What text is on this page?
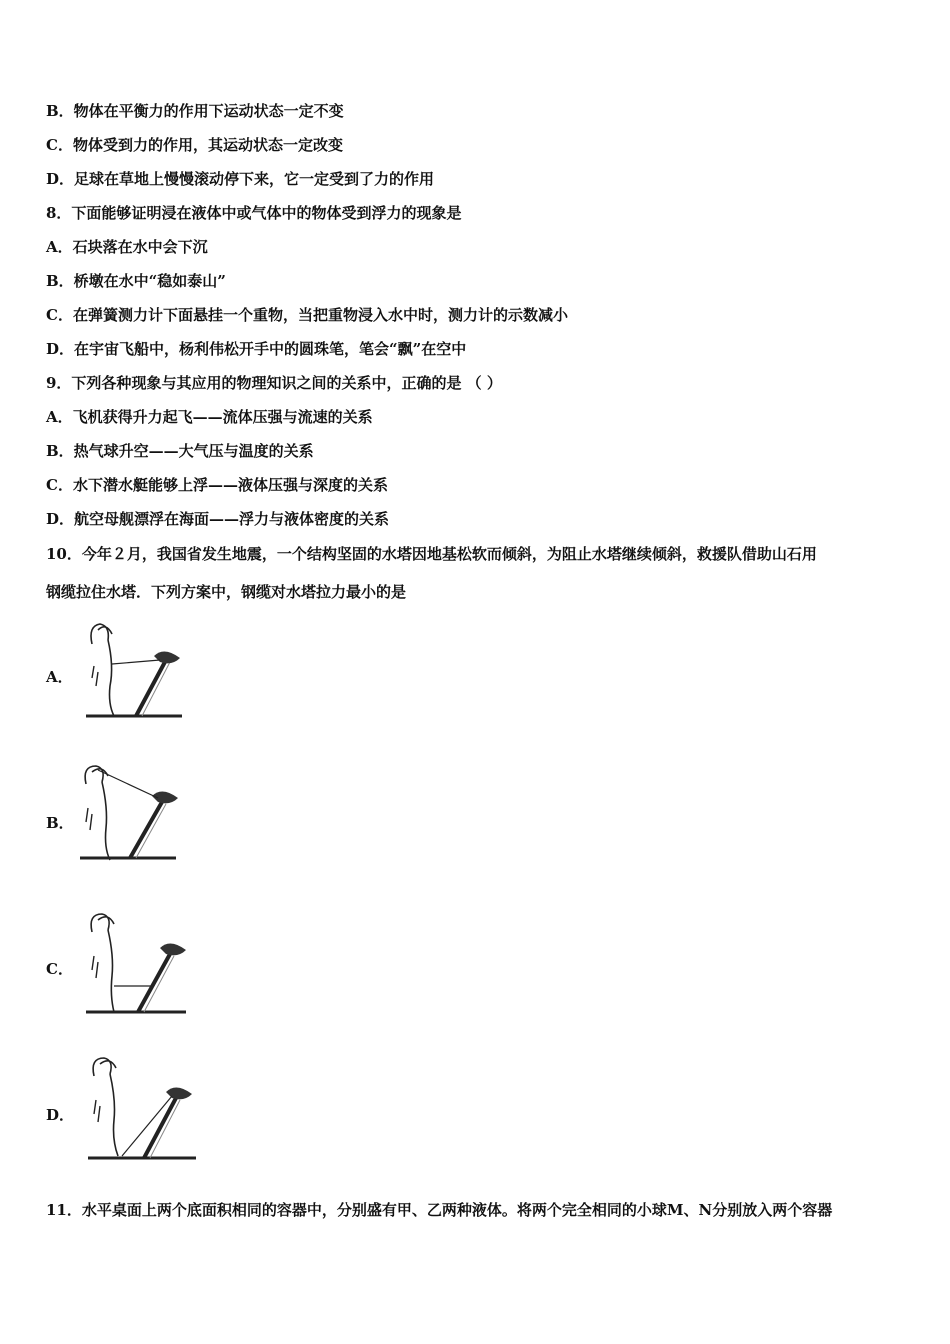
B．物体在平衡力的作用下运动状态一定不变
C．物体受到力的作用，其运动状态一定改变
D．足球在草地上慢慢滚动停下来，它一定受到了力的作用
8．下面能够证明浸在液体中或气体中的物体受到浮力的现象是
A．石块落在水中会下沉
B．桥墩在水中“稳如泰山”
C．在弹簧测力计下面悬挂一个重物，当把重物浸入水中时，测力计的示数减小
D．在宇宙飞船中，杨利伟松开手中的圆珠笔，笔会“飘”在空中
9．下列各种现象与其应用的物理知识之间的关系中，正确的是 （ ）
A．飞机获得升力起飞——流体压强与流速的关系
B．热气球升空——大气压与温度的关系
C．水下潜水艇能够上浮——液体压强与深度的关系
D．航空母舰漂浮在海面——浮力与液体密度的关系
10．今年２月，我国省发生地震，一个结构坚固的水塔因地基松软而倾斜，为阻止水塔继续倾斜，救援队借助山石用
钢缆拉住水塔．下列方案中，钢缆对水塔拉力最小的是
A．
B．
C．
D．
11．水平桌面上两个底面积相同的容器中，分别盛有甲、乙两种液体。将两个完全相同的小球M、N分别放入两个容器
